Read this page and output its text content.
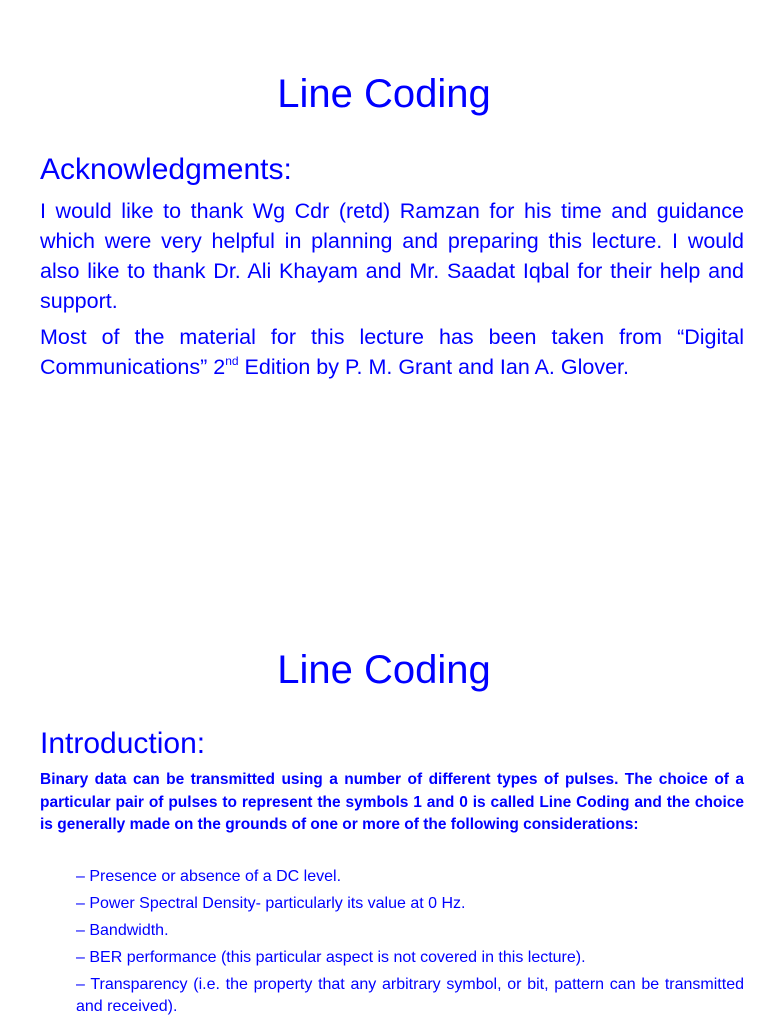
Line Coding
Acknowledgments:

I would like to thank Wg Cdr (retd) Ramzan for his time and guidance which were very helpful in planning and preparing this lecture. I would also like to thank Dr. Ali Khayam and Mr. Saadat Iqbal for their help and support.

Most of the material for this lecture has been taken from “Digital Communications” 2nd Edition by P. M. Grant and Ian A. Glover.

Line Coding
Introduction:
Binary data can be transmitted using a number of different types of pulses. The choice of a particular pair of pulses to represent the symbols 1 and 0 is called Line Coding and the choice is generally made on the grounds of one or more of the following considerations:

– Presence or absence of a DC level.

– Power Spectral Density- particularly its value at 0 Hz.

– Bandwidth.

– BER performance (this particular aspect is not covered in this lecture).

– Transparency (i.e. the property that any arbitrary symbol, or bit, pattern can be transmitted and received).
